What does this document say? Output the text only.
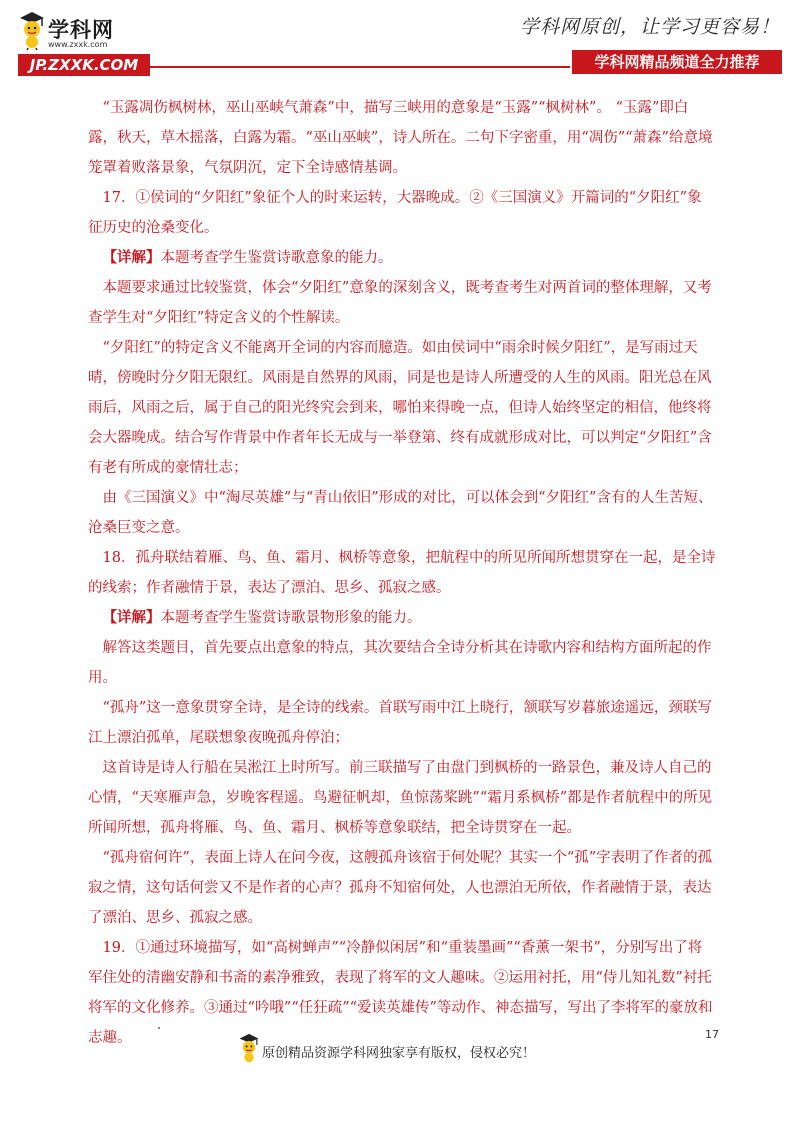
学科网
www.zxxk.com
JP.ZXXK.COM
学科网原创，让学习更容易！
学科网精品频道全力推荐

“玉露凋伤枫树林，巫山巫峡气萧森”中，描写三峡用的意象是“玉露”“枫树林”。 “玉露”即白露，秋天，草木摇落，白露为霜。“巫山巫峡”，诗人所在。二句下字密重，用“凋伤”“萧森”给意境笼罩着败落景象，气氛阴沉，定下全诗感情基调。

17．①侯词的“夕阳红”象征个人的时来运转，大器晚成。②《三国演义》开篇词的“夕阳红”象征历史的沧桑变化。

【详解】本题考查学生鉴赏诗歌意象的能力。

本题要求通过比较鉴赏，体会“夕阳红”意象的深刻含义，既考查考生对两首词的整体理解，又考查学生对“夕阳红”特定含义的个性解读。

“夕阳红”的特定含义不能离开全词的内容而臆造。如由侯词中“雨余时候夕阳红”，是写雨过天晴，傍晚时分夕阳无限红。风雨是自然界的风雨，同是也是诗人所遭受的人生的风雨。阳光总在风雨后，风雨之后，属于自己的阳光终究会到来，哪怕来得晚一点，但诗人始终坚定的相信，他终将会大器晚成。结合写作背景中作者年长无成与一举登第、终有成就形成对比，可以判定“夕阳红”含有老有所成的豪情壮志；

由《三国演义》中“淘尽英雄”与“青山依旧”形成的对比，可以体会到“夕阳红”含有的人生苦短、沧桑巨变之意。

18．孤舟联结着雁、鸟、鱼、霜月、枫桥等意象，把航程中的所见所闻所想贯穿在一起，是全诗的线索；作者融情于景，表达了漂泊、思乡、孤寂之感。

【详解】本题考查学生鉴赏诗歌景物形象的能力。

解答这类题目，首先要点出意象的特点，其次要结合全诗分析其在诗歌内容和结构方面所起的作用。

“孤舟”这一意象贯穿全诗，是全诗的线索。首联写雨中江上晓行，颔联写岁暮旅途遥远，颈联写江上漂泊孤单，尾联想象夜晚孤舟停泊；

这首诗是诗人行船在吴淞江上时所写。前三联描写了由盘门到枫桥的一路景色，兼及诗人自己的心情，“天寒雁声急，岁晚客程遥。鸟避征帆却，鱼惊荡桨跳”“霜月系枫桥”都是作者航程中的所见所闻所想，孤舟将雁、鸟、鱼、霜月、枫桥等意象联结，把全诗贯穿在一起。

“孤舟宿何许”，表面上诗人在问今夜，这艘孤舟该宿于何处呢？其实一个“孤”字表明了作者的孤寂之情，这句话何尝又不是作者的心声？孤舟不知宿何处，人也漂泊无所依，作者融情于景，表达了漂泊、思乡、孤寂之感。

19．①通过环境描写，如“高树蝉声”“冷静似闲居”和“重装墨画”“香薰一架书”，分别写出了将军住处的清幽安静和书斋的素净雅致，表现了将军的文人趣味。②运用衬托，用“侍儿知礼数”衬托将军的文化修养。③通过“吟哦”“任狂疏”“爱读英雄传”等动作、神态描写，写出了李将军的豪放和志趣。	17
原创精品资源学科网独家享有版权，侵权必究！
